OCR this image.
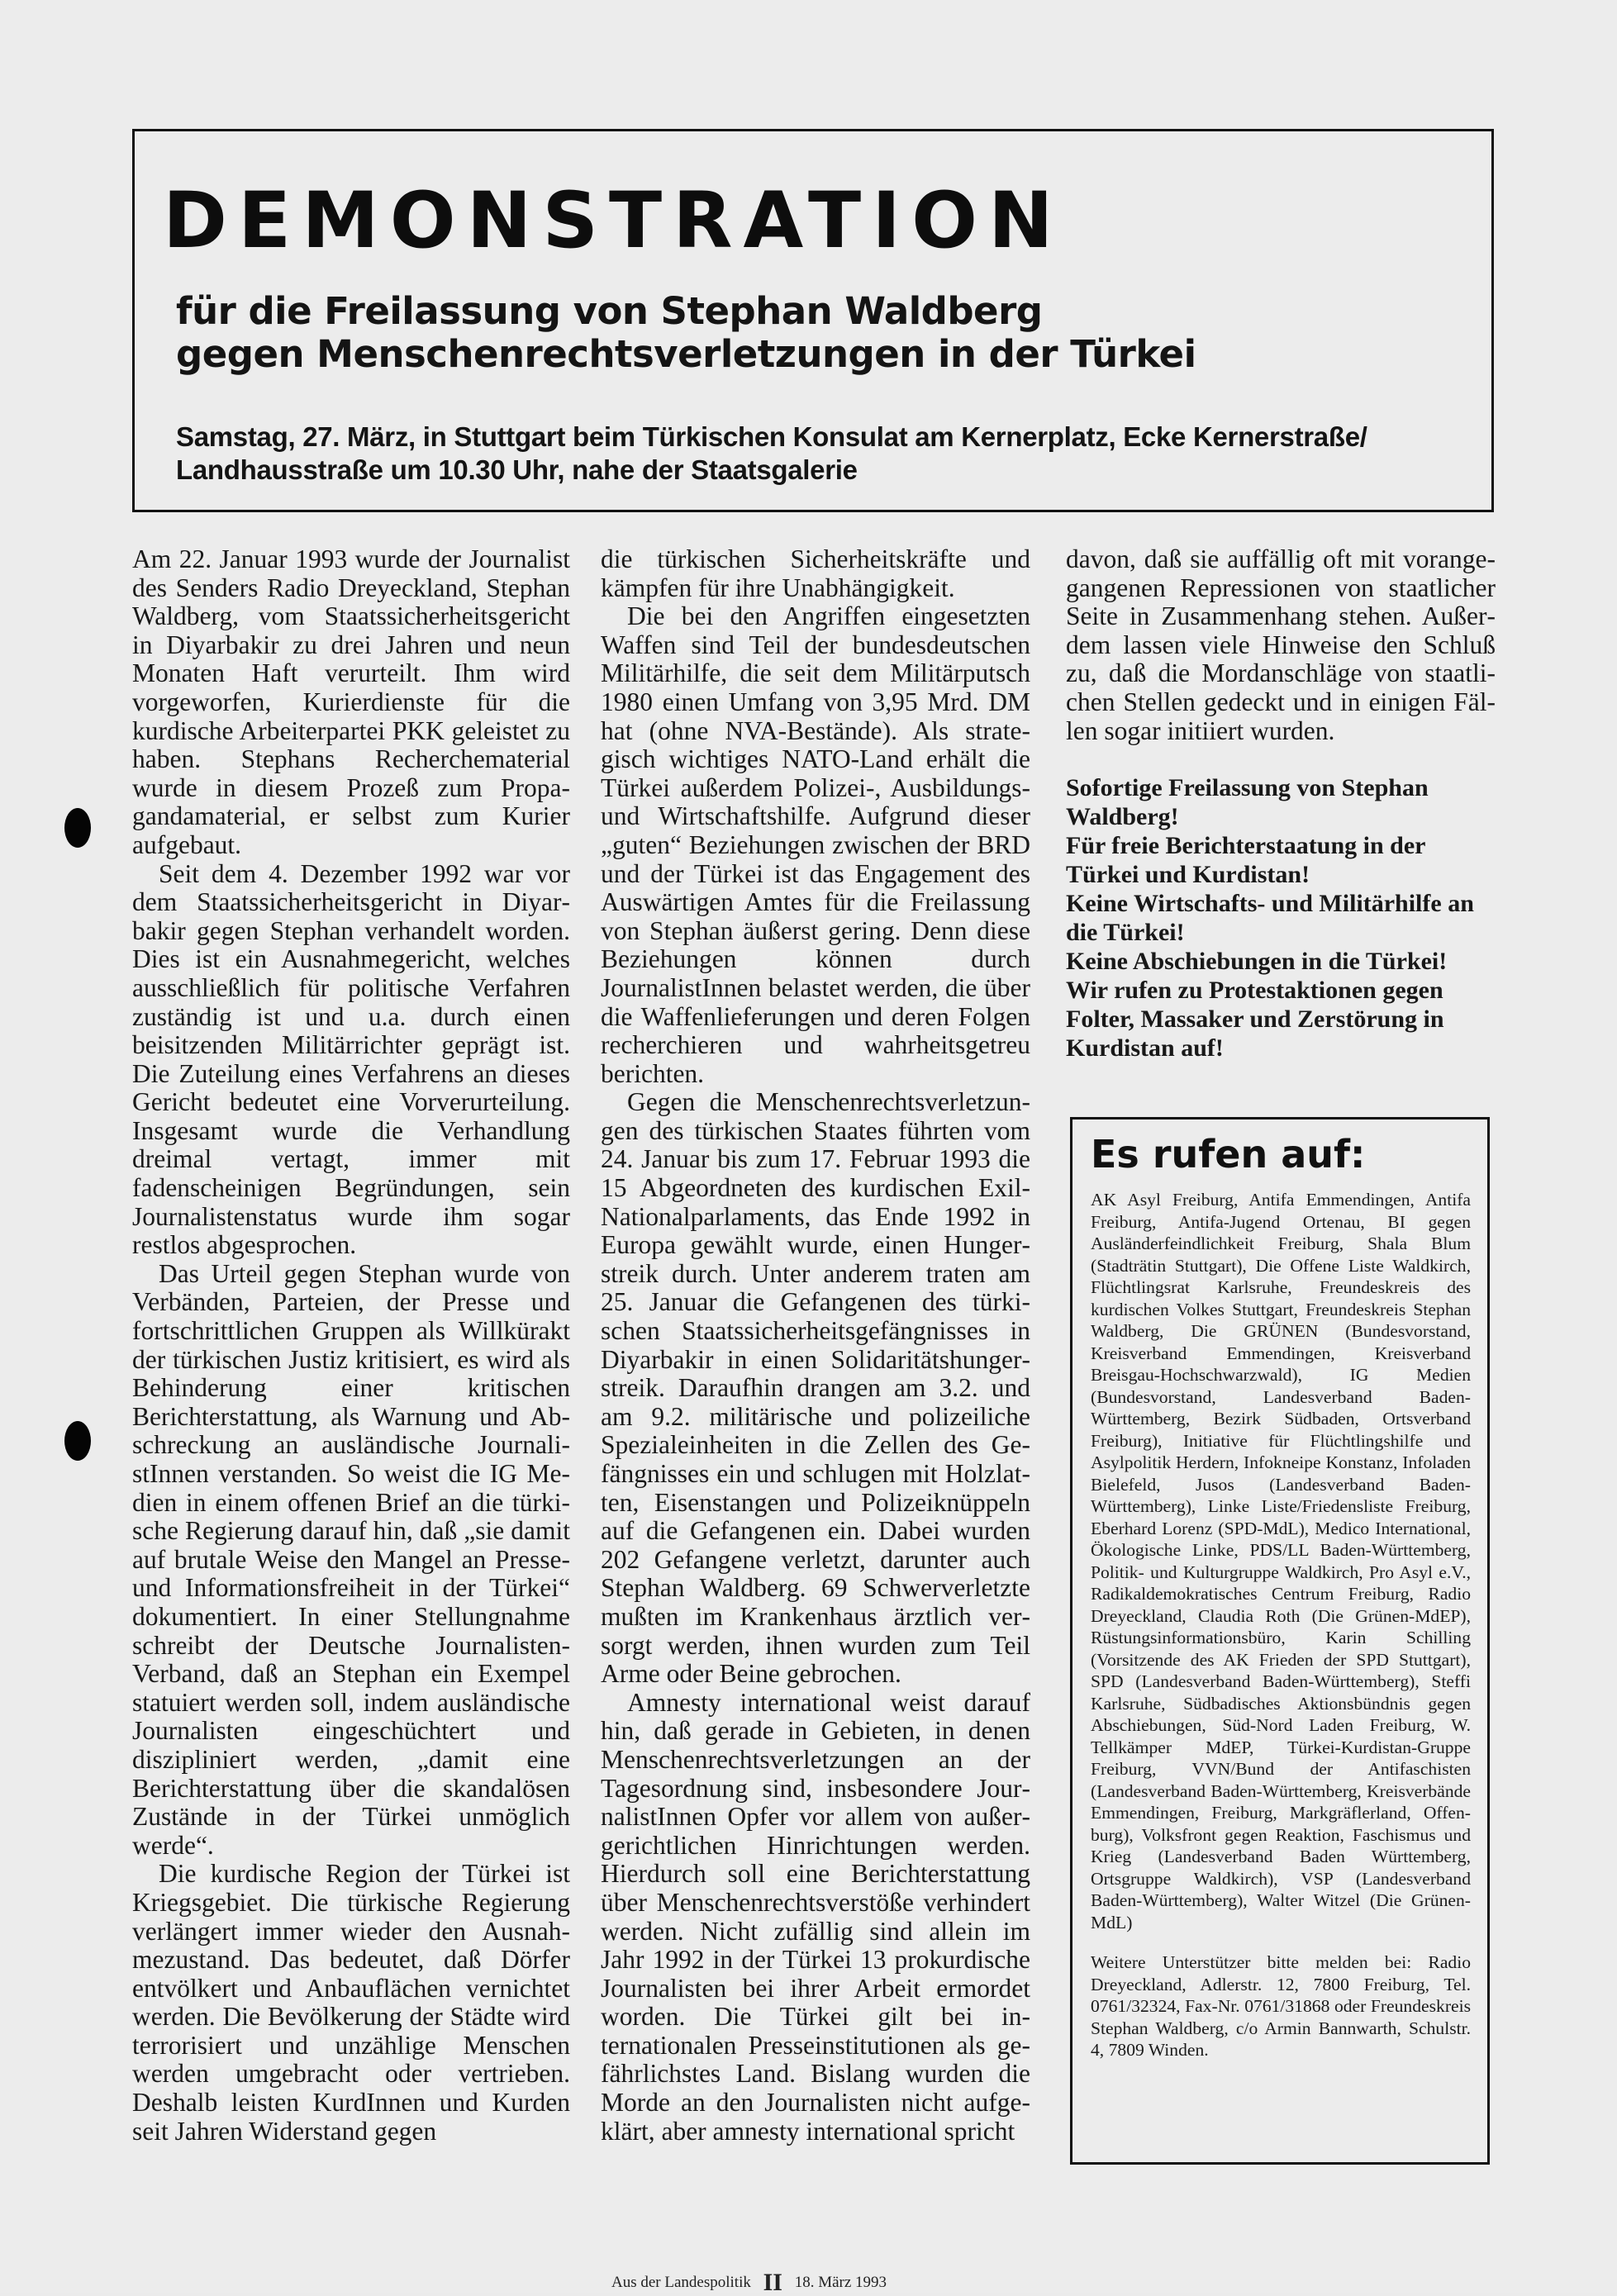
DEMONSTRATION
für die Freilassung von Stephan Waldberg
gegen Menschenrechtsverletzungen in der Türkei
Samstag, 27. März, in Stuttgart beim Türkischen Konsulat am Kernerplatz, Ecke Kernerstraße/
Landhausstraße um 10.30 Uhr, nahe der Staatsgalerie

Am 22. Januar 1993 wurde der Journalist des Senders Radio Dreyeckland, Stephan Waldberg, vom Staatssicherheitsgericht in Diyarbakir zu drei Jahren und neun Monaten Haft verurteilt. Ihm wird vorgeworfen, Kurierdienste für die kurdische Arbeiterpartei PKK geleistet zu haben. Stephans Recherchematerial wurde in diesem Prozeß zum Propagandamaterial, er selbst zum Kurier aufgebaut.

Seit dem 4. Dezember 1992 war vor dem Staatssicherheitsgericht in Diyarbakir gegen Stephan verhandelt worden. Dies ist ein Ausnahmegericht, welches ausschließlich für politische Verfahren zuständig ist und u.a. durch einen beisitzenden Militärrichter geprägt ist. Die Zuteilung eines Verfahrens an dieses Gericht bedeutet eine Vorverurteilung. Insgesamt wurde die Verhandlung dreimal vertagt, immer mit fadenscheinigen Begründungen, sein Journalistenstatus wurde ihm sogar restlos abgesprochen.

Das Urteil gegen Stephan wurde von Verbänden, Parteien, der Presse und fortschrittlichen Gruppen als Willkürakt der türkischen Justiz kritisiert, es wird als Behinderung einer kritischen Berichterstattung, als Warnung und Abschreckung an ausländische JournalistInnen verstanden. So weist die IG Medien in einem offenen Brief an die türkische Regierung darauf hin, daß „sie damit auf brutale Weise den Mangel an Presse- und Informationsfreiheit in der Türkei“ dokumentiert. In einer Stellungnahme schreibt der Deutsche Journalisten-Verband, daß an Stephan ein Exempel statuiert werden soll, indem ausländische Journalisten eingeschüchtert und diszipliniert werden, „damit eine Berichterstattung über die skandalösen Zustände in der Türkei unmöglich werde“.

Die kurdische Region der Türkei ist Kriegsgebiet. Die türkische Regierung verlängert immer wieder den Ausnahmezustand. Das bedeutet, daß Dörfer entvölkert und Anbauflächen vernichtet werden. Die Bevölkerung der Städte wird terrorisiert und unzählige Menschen werden umgebracht oder vertrieben. Deshalb leisten KurdInnen und Kurden seit Jahren Widerstand gegen

die türkischen Sicherheitskräfte und kämpfen für ihre Unabhängigkeit.

Die bei den Angriffen eingesetzten Waffen sind Teil der bundesdeutschen Militärhilfe, die seit dem Militärputsch 1980 einen Umfang von 3,95 Mrd. DM hat (ohne NVA-Bestände). Als strategisch wichtiges NATO-Land erhält die Türkei außerdem Polizei-, Ausbildungs- und Wirtschaftshilfe. Aufgrund dieser „guten“ Beziehungen zwischen der BRD und der Türkei ist das Engagement des Auswärtigen Amtes für die Freilassung von Stephan äußerst gering. Denn diese Beziehungen können durch JournalistInnen belastet werden, die über die Waffenlieferungen und deren Folgen recherchieren und wahrheitsgetreu berichten.

Gegen die Menschenrechtsverletzungen des türkischen Staates führten vom 24. Januar bis zum 17. Februar 1993 die 15 Abgeordneten des kurdischen Exil-Nationalparlaments, das Ende 1992 in Europa gewählt wurde, einen Hungerstreik durch. Unter anderem traten am 25. Januar die Gefangenen des türkischen Staatssicherheitsgefängnisses in Diyarbakir in einen Solidaritätshungerstreik. Daraufhin drangen am 3.2. und am 9.2. militärische und polizeiliche Spezialeinheiten in die Zellen des Gefängnisses ein und schlugen mit Holzlatten, Eisenstangen und Polizeiknüppeln auf die Gefangenen ein. Dabei wurden 202 Gefangene verletzt, darunter auch Stephan Waldberg. 69 Schwerverletzte mußten im Krankenhaus ärztlich versorgt werden, ihnen wurden zum Teil Arme oder Beine gebrochen.

Amnesty international weist darauf hin, daß gerade in Gebieten, in denen Menschenrechtsverletzungen an der Tagesordnung sind, insbesondere JournalistInnen Opfer vor allem von außergerichtlichen Hinrichtungen werden. Hierdurch soll eine Berichterstattung über Menschenrechtsverstöße verhindert werden. Nicht zufällig sind allein im Jahr 1992 in der Türkei 13 prokurdische Journalisten bei ihrer Arbeit ermordet worden. Die Türkei gilt bei internationalen Presseinstitutionen als gefährlichstes Land. Bislang wurden die Morde an den Journalisten nicht aufgeklärt, aber amnesty international spricht

davon, daß sie auffällig oft mit vorangegangenen Repressionen von staatlicher Seite in Zusammenhang stehen. Außerdem lassen viele Hinweise den Schluß zu, daß die Mordanschläge von staatlichen Stellen gedeckt und in einigen Fällen sogar initiiert wurden.

Sofortige Freilassung von Stephan Waldberg!
Für freie Berichterstaatung in der Türkei und Kurdistan!
Keine Wirtschafts- und Militärhilfe an die Türkei!
Keine Abschiebungen in die Türkei!
Wir rufen zu Protestaktionen gegen Folter, Massaker und Zerstörung in Kurdistan auf!
Es rufen auf:

AK Asyl Freiburg, Antifa Emmendingen, Antifa Freiburg, Antifa-Jugend Ortenau, BI gegen Ausländerfeindlichkeit Freiburg, Shala Blum (Stadträtin Stuttgart), Die Offene Liste Waldkirch, Flüchtlingsrat Karlsruhe, Freundeskreis des kurdischen Volkes Stuttgart, Freundeskreis Stephan Waldberg, Die GRÜNEN (Bundesvorstand, Kreisverband Emmendingen, Kreisverband Breisgau-Hochschwarzwald), IG Medien (Bundesvorstand, Landesverband Baden-Württemberg, Bezirk Südbaden, Ortsverband Freiburg), Initiative für Flüchtlingshilfe und Asylpolitik Herdern, Infokneipe Konstanz, Infoladen Bielefeld, Jusos (Landesverband Baden-Württemberg), Linke Liste/Friedensliste Freiburg, Eberhard Lorenz (SPD-MdL), Medico International, Ökologische Linke, PDS/LL Baden-Württemberg, Politik- und Kulturgruppe Waldkirch, Pro Asyl e.V., Radikaldemokratisches Centrum Freiburg, Radio Dreyeckland, Claudia Roth (Die Grünen-MdEP), Rüstungsinformationsbüro, Karin Schilling (Vorsitzende des AK Frieden der SPD Stuttgart), SPD (Landesverband Baden-Württemberg), Steffi Karlsruhe, Südbadisches Aktionsbündnis gegen Abschiebungen, Süd-Nord Laden Freiburg, W. Tellkämper MdEP, Türkei-Kurdistan-Gruppe Freiburg, VVN/Bund der Antifaschisten (Landesverband Baden-Württemberg, Kreisverbände Emmendingen, Freiburg, Markgräflerland, Offenburg), Volksfront gegen Reaktion, Faschismus und Krieg (Landesverband Baden Württemberg, Ortsgruppe Waldkirch), VSP (Landesverband Baden-Württemberg), Walter Witzel (Die Grünen-MdL)

Weitere Unterstützer bitte melden bei: Radio Dreyeckland, Adlerstr. 12, 7800 Freiburg, Tel. 0761/32324, Fax-Nr. 0761/31868 oder Freundeskreis Stephan Waldberg, c/o Armin Bannwarth, Schulstr. 4, 7809 Winden.

Aus der Landespolitik II 18. März 1993
